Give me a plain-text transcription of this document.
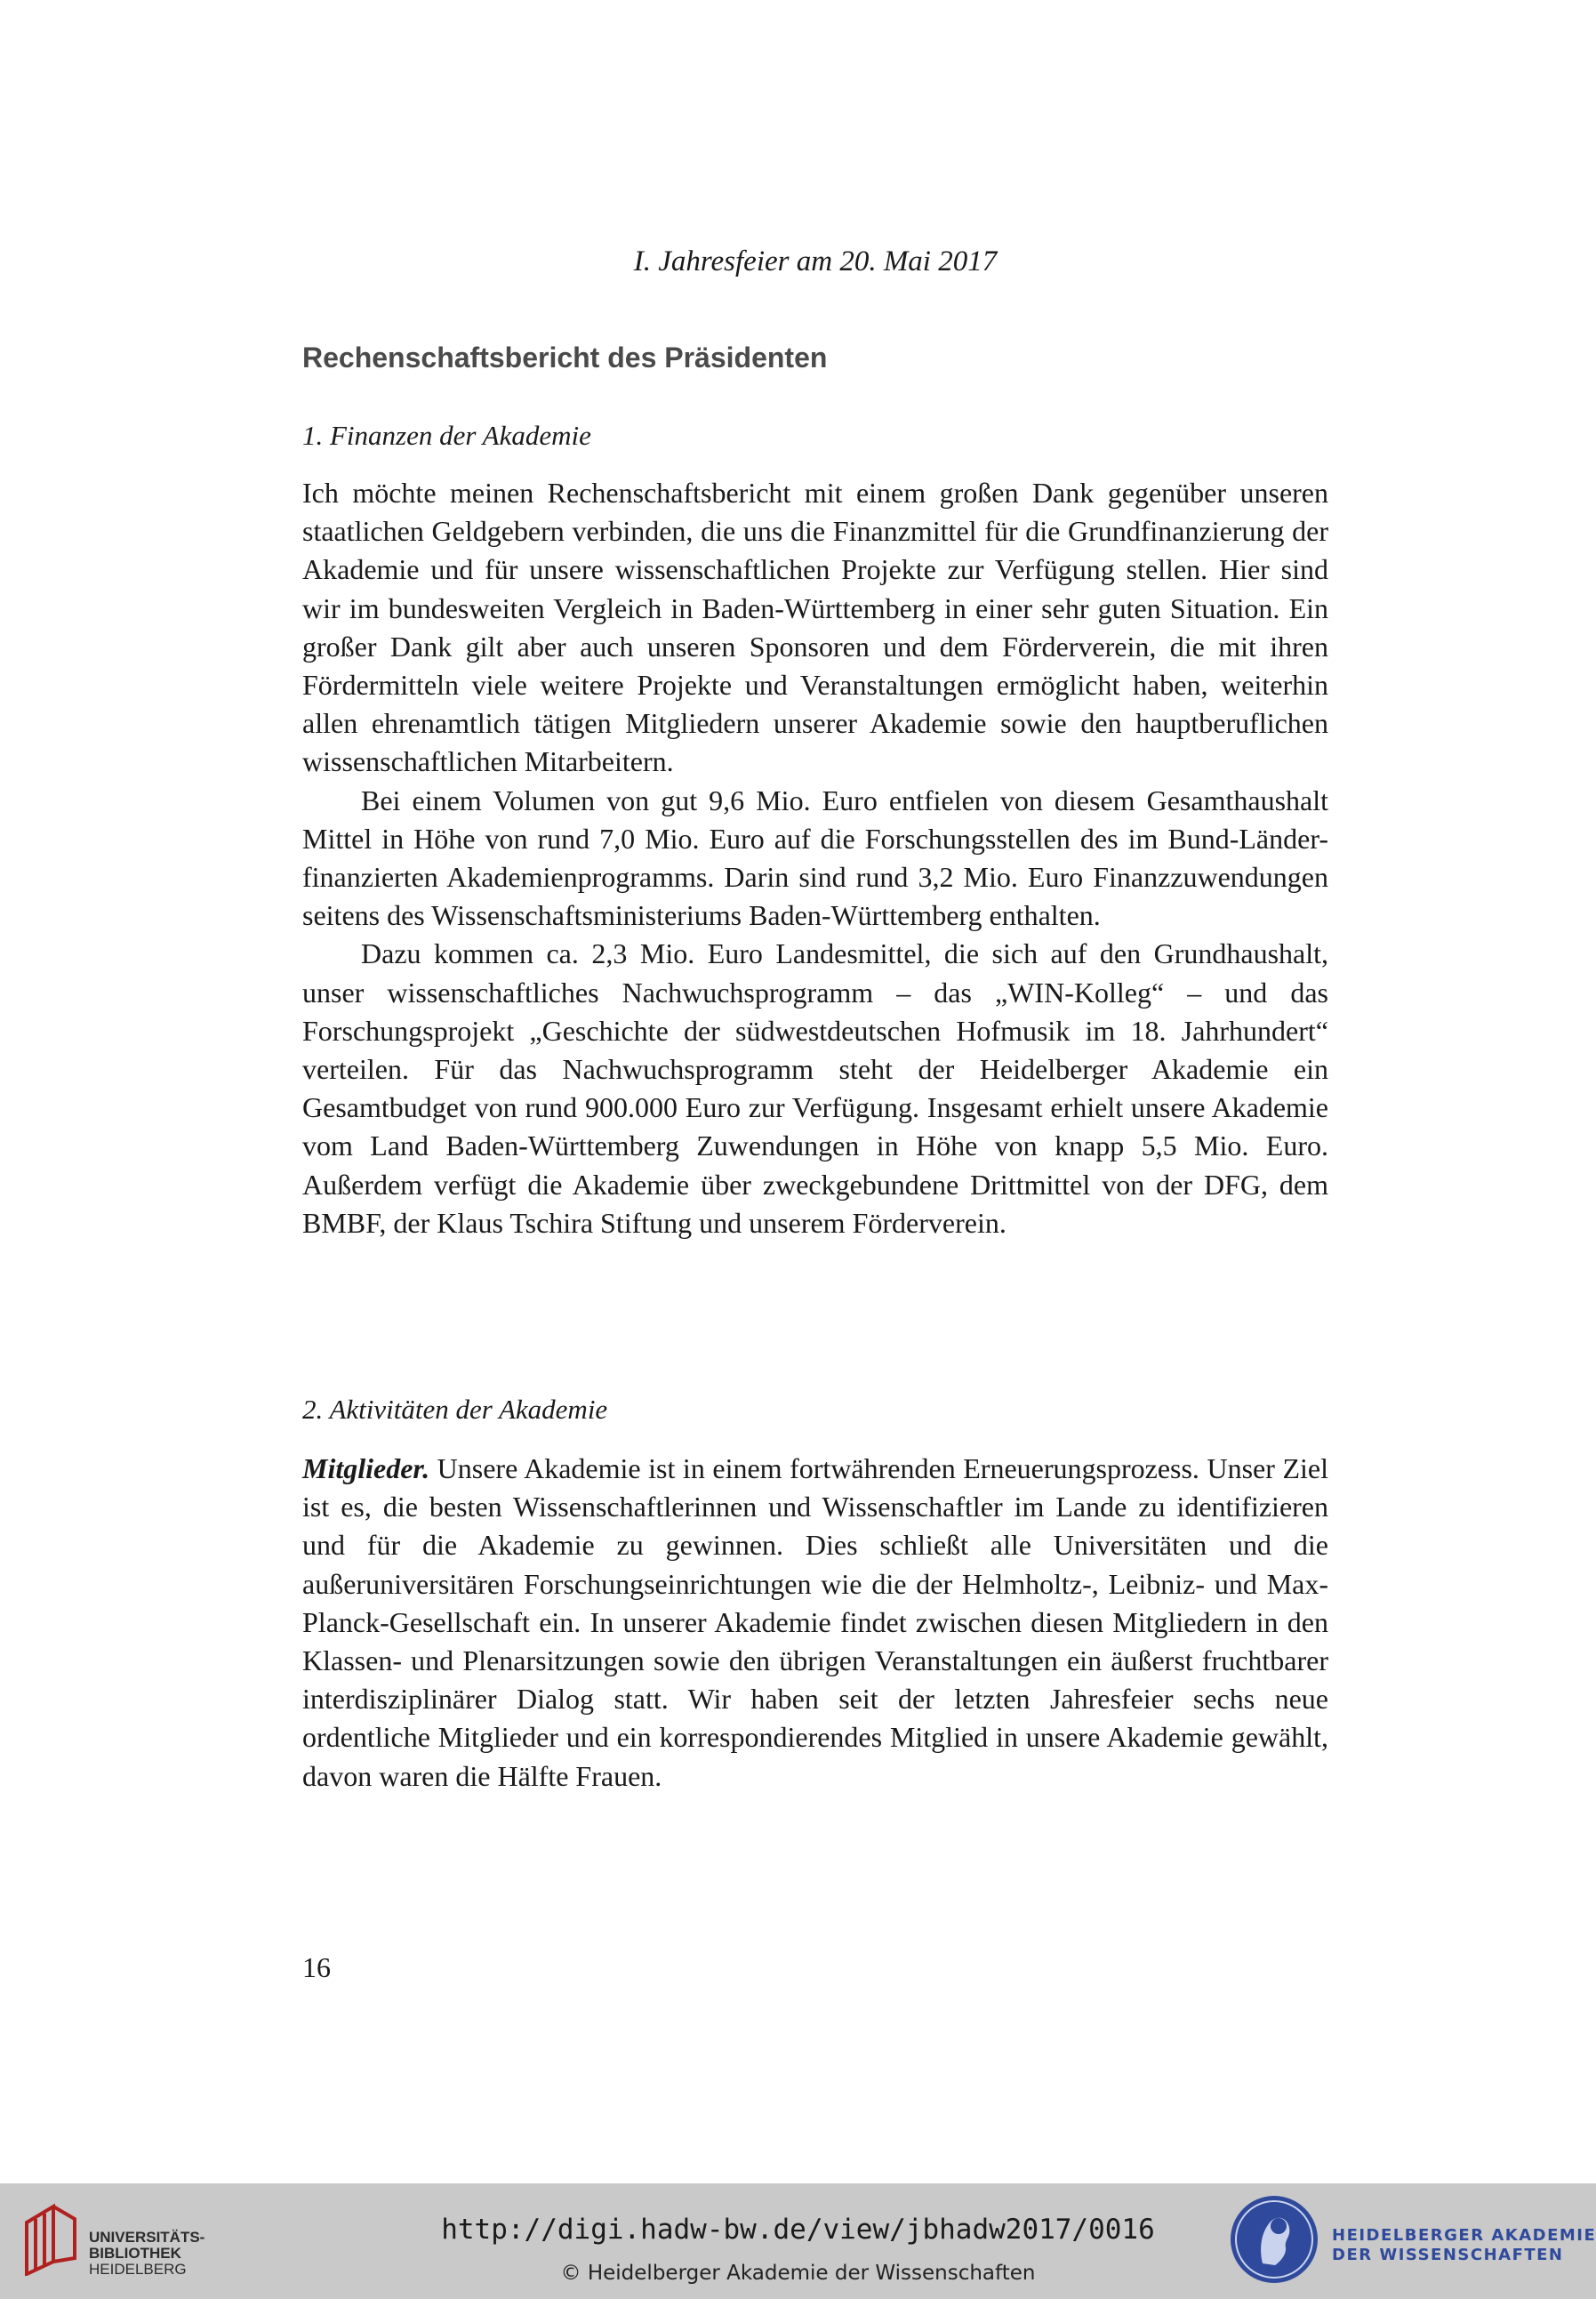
I. Jahresfeier am 20. Mai 2017
Rechenschaftsbericht des Präsidenten
1. Finanzen der Akademie

Ich möchte meinen Rechenschaftsbericht mit einem großen Dank gegenüber unseren staatlichen Geldgebern verbinden, die uns die Finanzmittel für die Grundfinanzierung der Akademie und für unsere wissenschaftlichen Projekte zur Verfügung stellen. Hier sind wir im bundesweiten Vergleich in Baden-Württemberg in einer sehr guten Situation. Ein großer Dank gilt aber auch unseren Sponsoren und dem Förderverein, die mit ihren Fördermitteln viele weitere Projekte und Veranstaltungen ermöglicht haben, weiterhin allen ehrenamtlich tätigen Mitgliedern unserer Akademie sowie den hauptberuflichen wissenschaftlichen Mitarbeitern.

Bei einem Volumen von gut 9,6 Mio. Euro entfielen von diesem Gesamthaushalt Mittel in Höhe von rund 7,0 Mio. Euro auf die Forschungsstellen des im Bund-Länder-finanzierten Akademienprogramms. Darin sind rund 3,2 Mio. Euro Finanzzuwendungen seitens des Wissenschaftsministeriums Baden-Württemberg enthalten.

Dazu kommen ca. 2,3 Mio. Euro Landesmittel, die sich auf den Grundhaushalt, unser wissenschaftliches Nachwuchsprogramm – das „WIN-Kolleg“ – und das Forschungsprojekt „Geschichte der südwestdeutschen Hofmusik im 18. Jahrhundert“ verteilen. Für das Nachwuchsprogramm steht der Heidelberger Akademie ein Gesamtbudget von rund 900.000 Euro zur Verfügung. Insgesamt erhielt unsere Akademie vom Land Baden-Württemberg Zuwendungen in Höhe von knapp 5,5 Mio. Euro. Außerdem verfügt die Akademie über zweckgebundene Drittmittel von der DFG, dem BMBF, der Klaus Tschira Stiftung und unserem Förderverein.

2. Aktivitäten der Akademie

Mitglieder. Unsere Akademie ist in einem fortwährenden Erneuerungsprozess. Unser Ziel ist es, die besten Wissenschaftlerinnen und Wissenschaftler im Lande zu identifizieren und für die Akademie zu gewinnen. Dies schließt alle Universitäten und die außeruniversitären Forschungseinrichtungen wie die der Helmholtz-, Leibniz- und Max-Planck-Gesellschaft ein. In unserer Akademie findet zwischen diesen Mitgliedern in den Klassen- und Plenarsitzungen sowie den übrigen Veranstaltungen ein äußerst fruchtbarer interdisziplinärer Dialog statt. Wir haben seit der letzten Jahresfeier sechs neue ordentliche Mitglieder und ein korrespondierendes Mitglied in unsere Akademie gewählt, davon waren die Hälfte Frauen.

16
UNIVERSITÄTS-
BIBLIOTHEK
HEIDELBERG
http://digi.hadw-bw.de/view/jbhadw2017/0016
© Heidelberger Akademie der Wissenschaften
HEIDELBERGER AKADEMIE
DER WISSENSCHAFTEN
